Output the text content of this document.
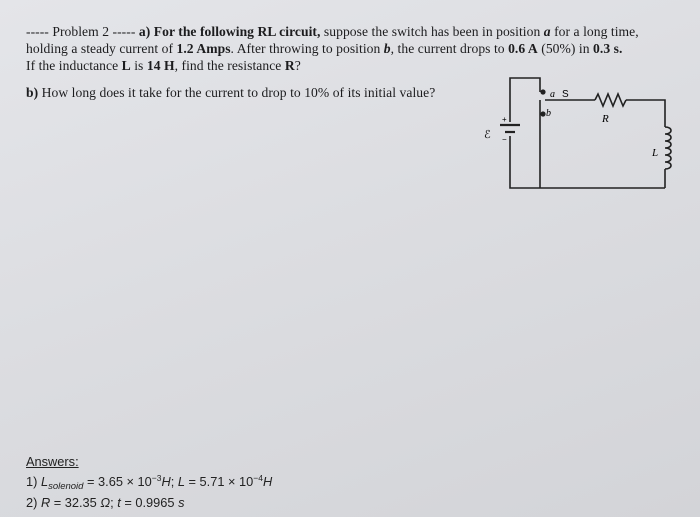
----- Problem 2 ----- a) For the following RL circuit, suppose the switch has been in position a for a long time,
holding a steady current of 1.2 Amps. After throwing to position b, the current drops to 0.6 A (50%) in 0.3 s.
If the inductance L is 14 H, find the resistance R?
b) How long does it take for the current to drop to 10% of its initial value?	a S
b	R
L
ℰ
+
−
Answers:
1) $L_{solenoid} = 3.65 \times 10^{-3}H$; $L = 5.71 \times 10^{-4}H$
2) R = 32.35 Ω; t = 0.9965 s
